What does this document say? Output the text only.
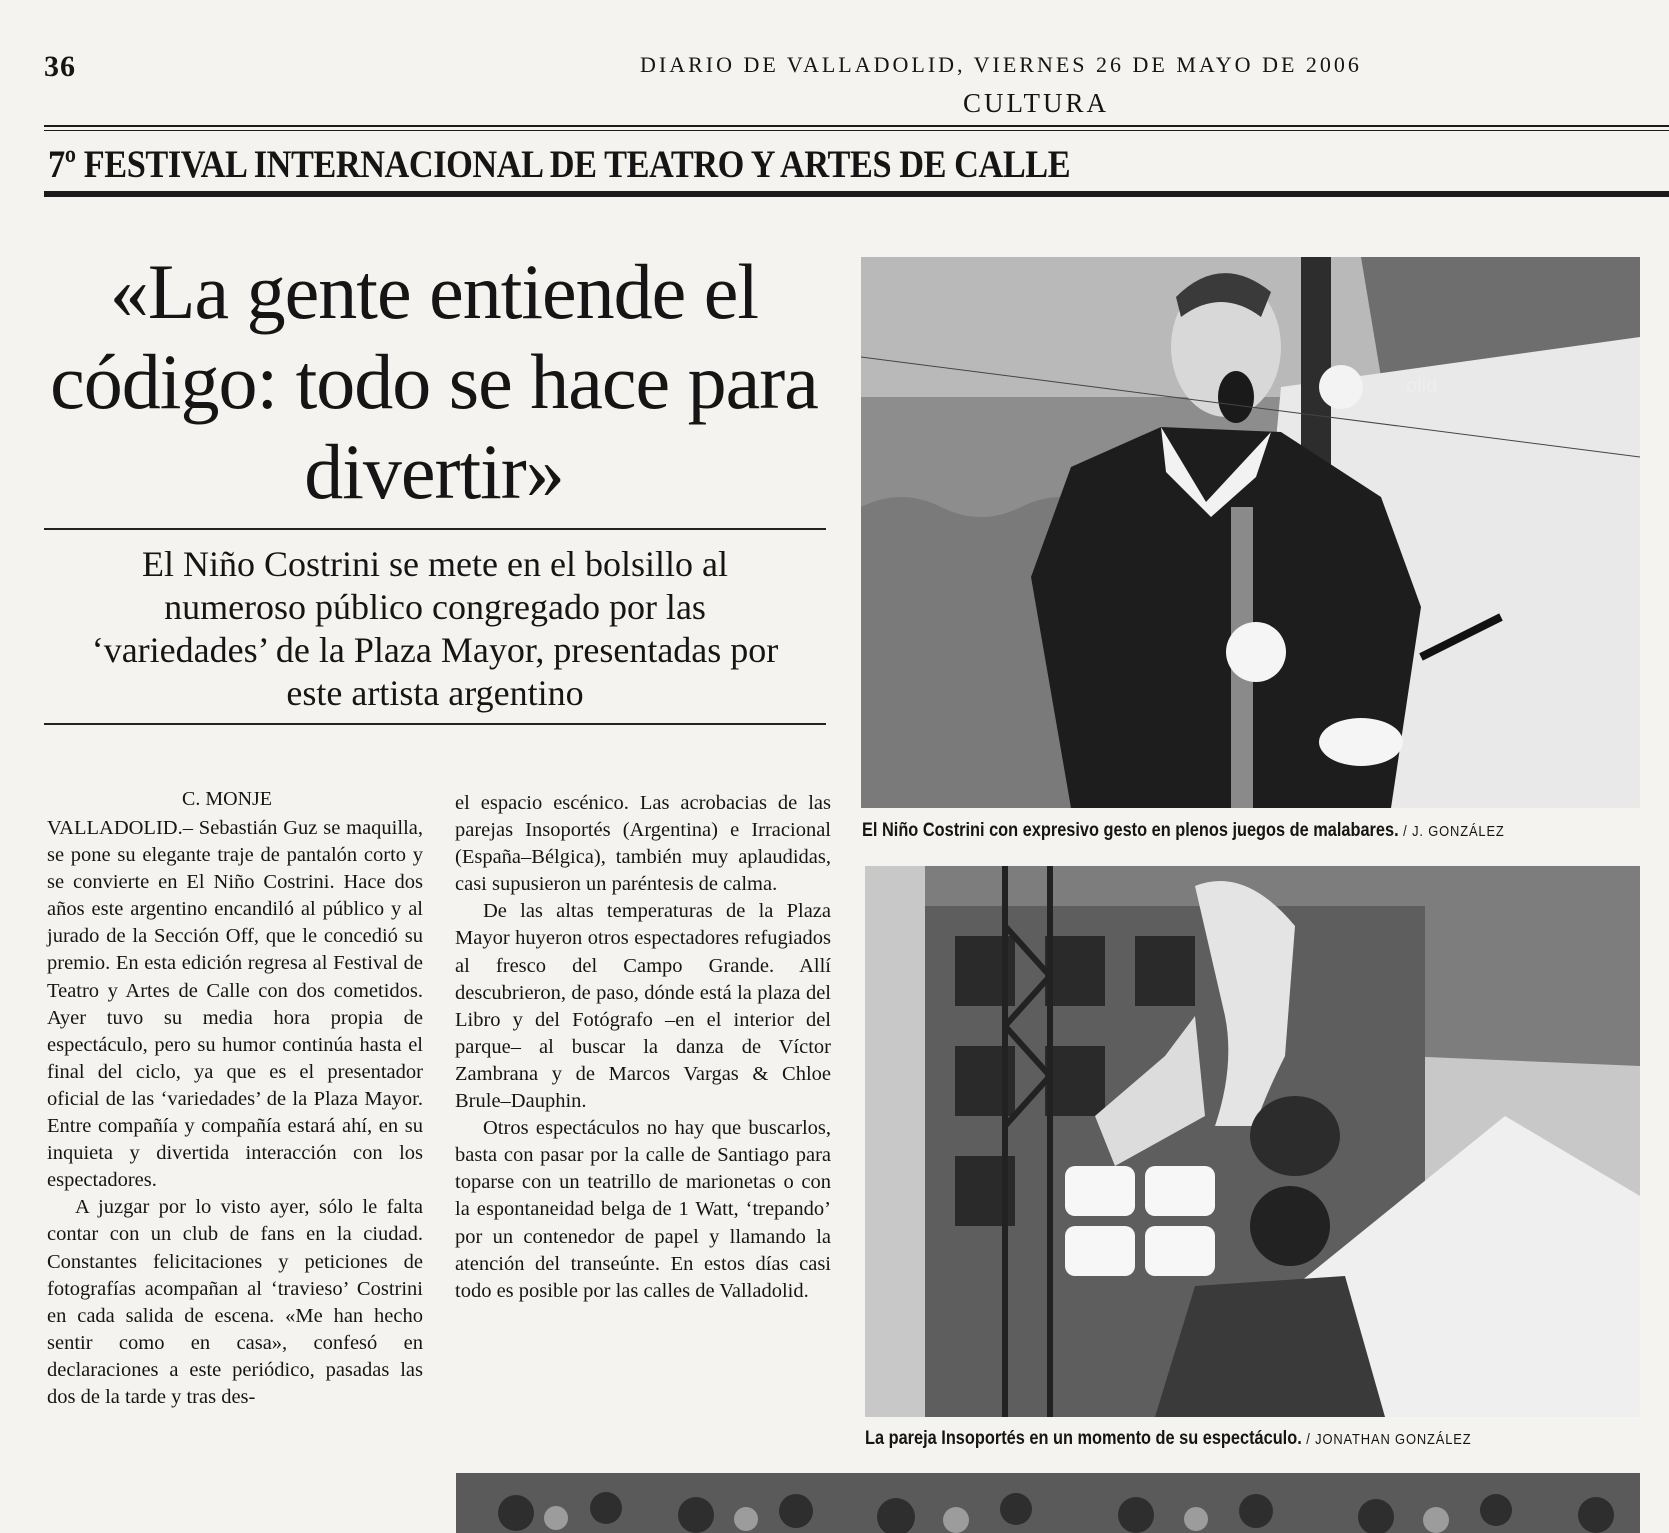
36	DIARIO DE VALLADOLID, VIERNES 26 DE MAYO DE 2006
CULTURA
7º FESTIVAL INTERNACIONAL DE TEATRO Y ARTES DE CALLE
«La gente entiende el código: todo se hace para divertir»
El Niño Costrini se mete en el bolsillo al numeroso público congregado por las ‘variedades’ de la Plaza Mayor, presentadas por este artista argentino
C. MONJE

VALLADOLID.– Sebastián Guz se maquilla, se pone su elegante traje de pantalón corto y se convierte en El Niño Costrini. Hace dos años este argentino encandiló al público y al jurado de la Sección Off, que le concedió su premio. En esta edición regresa al Festival de Teatro y Artes de Calle con dos cometidos. Ayer tuvo su media hora propia de espectáculo, pero su humor continúa hasta el final del ciclo, ya que es el presentador oficial de las ‘variedades’ de la Plaza Mayor. Entre compañía y compañía estará ahí, en su inquieta y divertida interacción con los espectadores.

A juzgar por lo visto ayer, sólo le falta contar con un club de fans en la ciudad. Constantes felicitaciones y peticiones de fotografías acompañan al ‘travieso’ Costrini en cada salida de escena. «Me han hecho sentir como en casa», confesó en declaraciones a este periódico, pasadas las dos de la tarde y tras des-

el espacio escénico. Las acrobacias de las parejas Insoportés (Argentina) e Irracional (España–Bélgica), también muy aplaudidas, casi supusieron un paréntesis de calma.

De las altas temperaturas de la Plaza Mayor huyeron otros espectadores refugiados al fresco del Campo Grande. Allí descubrieron, de paso, dónde está la plaza del Libro y del Fotógrafo –en el interior del parque– al buscar la danza de Víctor Zambrana y de Marcos Vargas & Chloe Brule–Dauphin.

Otros espectáculos no hay que buscarlos, basta con pasar por la calle de Santiago para toparse con un teatrillo de marionetas o con la espontaneidad belga de 1 Watt, ‘trepando’ por un contenedor de papel y llamando la atención del transeúnte. En estos días casi todo es posible por las calles de Valladolid.

olid
El Niño Costrini con expresivo gesto en plenos juegos de malabares. / J. GONZÁLEZ
La pareja Insoportés en un momento de su espectáculo. / JONATHAN GONZÁLEZ
